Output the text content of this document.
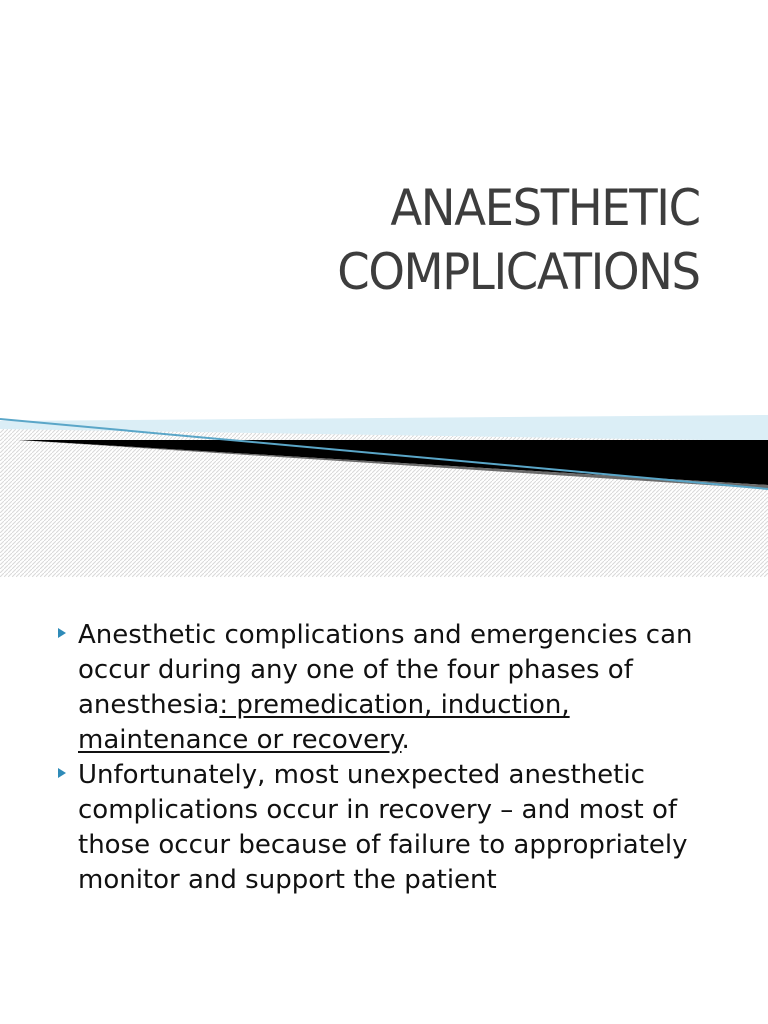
ANAESTHETIC
COMPLICATIONS
Anesthetic complications and emergencies can occur during any one of the four phases of anesthesia: premedication, induction, maintenance or recovery.
Unfortunately, most unexpected anesthetic complications occur in recovery – and most of those occur because of failure to appropriately monitor and support the patient
